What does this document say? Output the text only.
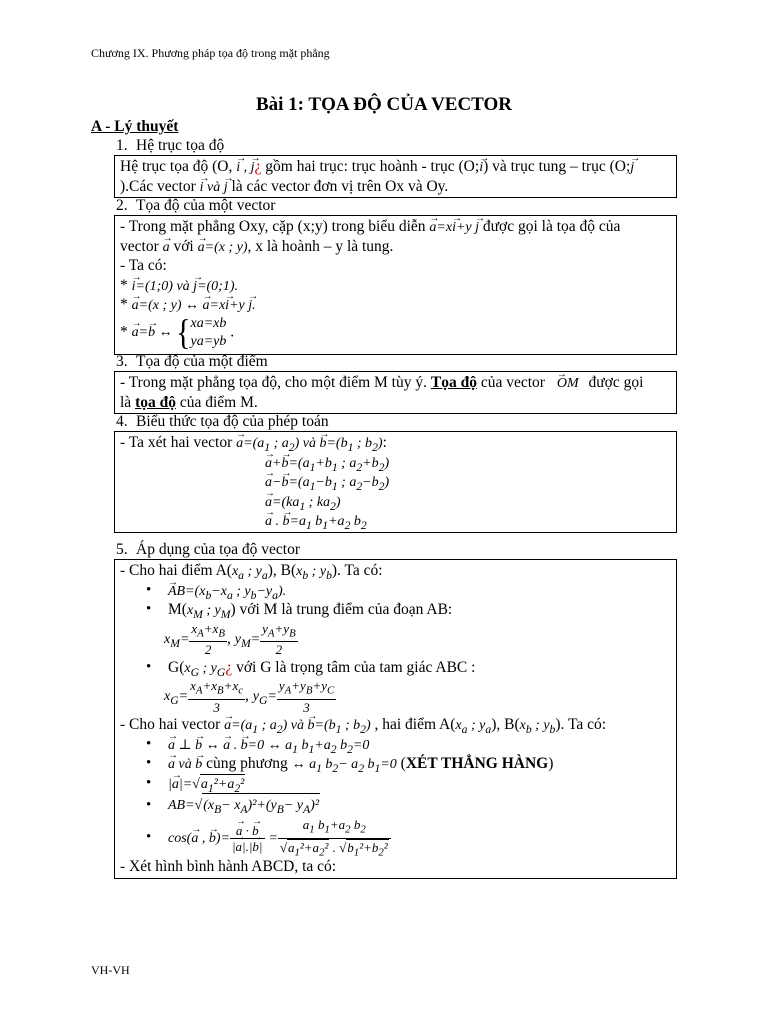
Chương IX. Phương pháp tọa độ trong mặt phẳng
Bài 1: TỌA ĐỘ CỦA VECTOR
A - Lý thuyết
1. Hệ trục tọa độ
Hệ trục tọa độ (O, → i , → j¿ gồm hai trục: trục hoành - trục (O;→ i) và trục tung – trục (O;→ j
).Các vector → i và → j là các vector đơn vị trên Ox và Oy.
2. Tọa độ của một vector
- Trong mặt phẳng Oxy, cặp (x;y) trong biểu diễn → a=x→ i+y → j được gọi là tọa độ của
vector → a với → a=(x ; y), x là hoành – y là tung.
- Ta có:
* → i=(1;0) và → j=(0;1).
* → a=(x ; y) ↔ → a=x→ i+y → j.
* → a=→ b ↔ {xa=xb
ya=yb .
3. Tọa độ của một điểm
- Trong mặt phẳng tọa độ, cho một điểm M tùy ý. Tọa độ của vector → OM được gọi
là tọa độ của điểm M.
4. Biểu thức tọa độ của phép toán
- Ta xét hai vector → $a=(a_1$ ; $a_2$) và → $b=(b_1$ ; $b_2$):
→ $a+\to b=(a_1+b_1$ ; $a_2+b_2$)
→ $a-\to b=(a_1-b_1$ ; $a_2-b_2$)
→ $a=(ka_1$ ; $ka_2$)
→ a . → $b=a_1$ $b_1+a_2$ $b_2$
5. Áp dụng của tọa độ vector
- Cho hai điểm $A(x_a$ ; $y_a$), $B(x_b$ ; $y_b$). Ta có:
• → $AB=(x_b-x_a$ ; $y_b-y_a$).
• $M(x_M$ ; $y_M$) với M là trung điểm của đoạn AB:
$x_M= \frac{x_A+x_B}{2}$ , $y_M= \frac{y_A+y_B}{2}$
• $G(x_G$ ; $y_G¿$ với G là trọng tâm của tam giác ABC :
$x_G= \frac{x_A+x_B+x_c}{3}$ , $y_G= \frac{y_A+y_B+y_C}{3}$
- Cho hai vector → $a=(a_1$ ; $a_2$) và → $b=(b_1$ ; $b_2$) , hai điểm $A(x_a$ ; $y_a$), $B(x_b$ ; $y_b$). Ta có:
• → a ⊥ → b ↔ → a . → b=0 ↔ $a_1$ $b_1+a_2$ $b_2=0$
• → a và → b cùng phương ↔ $a_1$ $b_2- a_2$ $b_1=0$ (XÉT THẲNG HÀNG)
• |→ $a|=√a_1^2+a_2^2$
• $AB=√(x_B- x_A)^2+(y_B- y_A)^2$
• cos(→ a , → b)=
→ $\frac{a \cdot \to b}{|\to a|.|\to b|} = \frac{a_1 b_1+a_2 b_2}{√a_1^2+a_2^2 . √b_1^2+b_2^2}$
- Xét hình bình hành ABCD, ta có:
VH-VH
